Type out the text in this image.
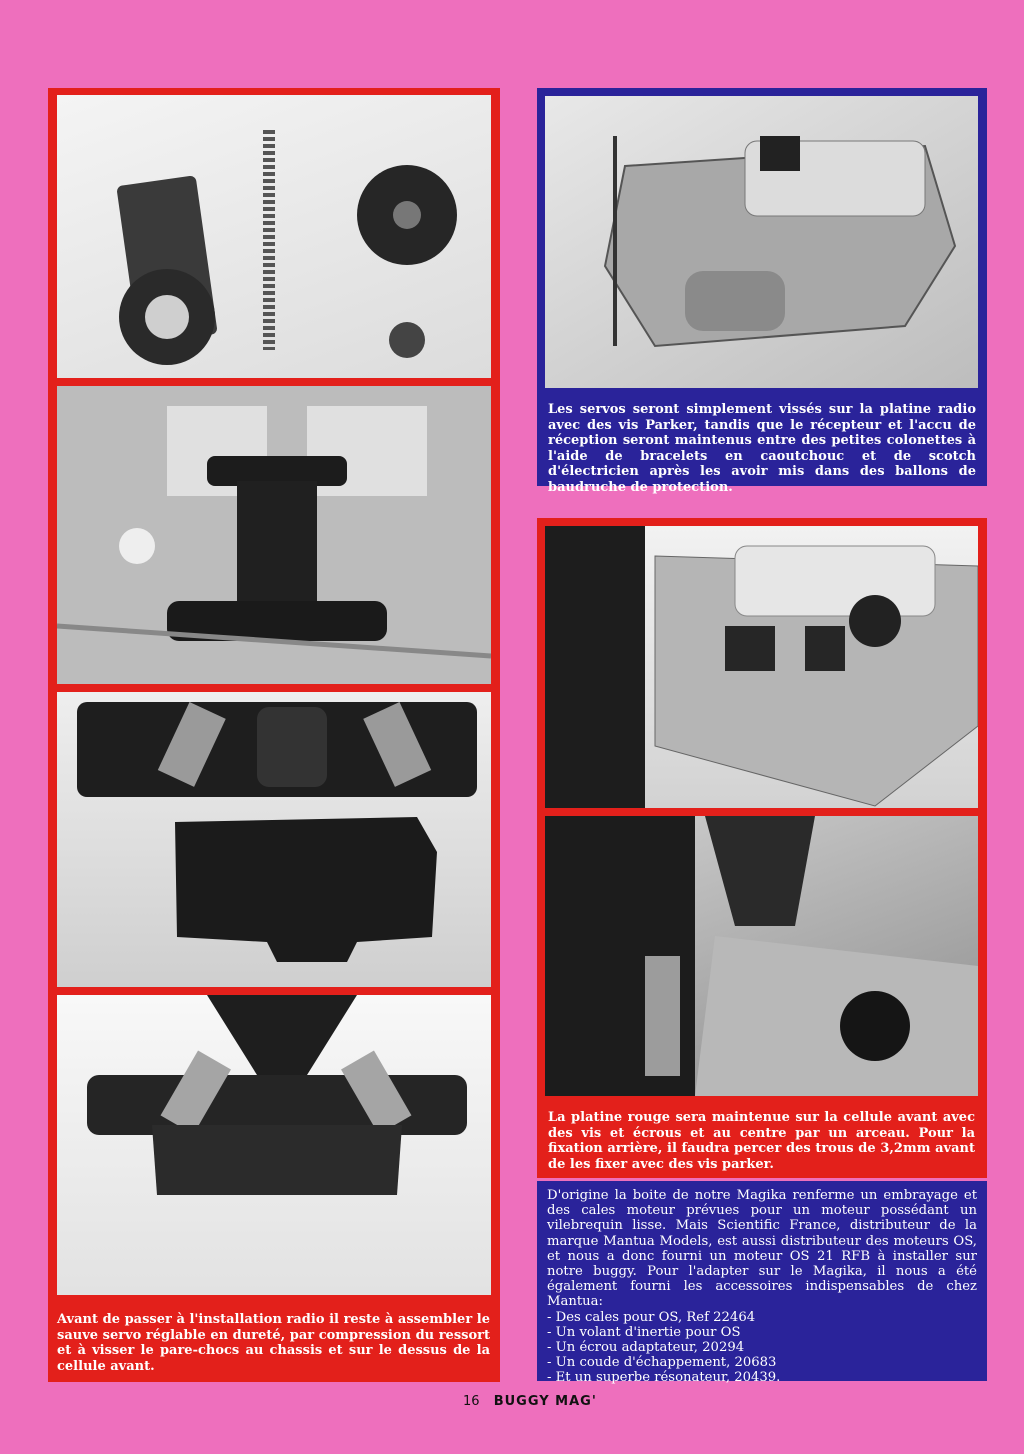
Avant de passer à l'installation radio il reste à assembler le sauve servo réglable en dureté, par compression du ressort et à visser le pare-chocs au chassis et sur le dessus de la cellule avant.
Les servos seront simplement vissés sur la platine radio avec des vis Parker, tandis que le récepteur et l'accu de réception seront maintenus entre des petites colonettes à l'aide de bracelets en caoutchouc et de scotch d'électricien après les avoir mis dans des ballons de baudruche de protection.
La platine rouge sera maintenue sur la cellule avant avec des vis et écrous et au centre par un arceau. Pour la fixation arrière, il faudra percer des trous de 3,2mm avant de les fixer avec des vis parker.

D'origine la boite de notre Magika renferme un embrayage et des cales moteur prévues pour un moteur possédant un vilebrequin lisse. Mais Scientific France, distributeur de la marque Mantua Models, est aussi distributeur des moteurs OS, et nous a donc fourni un moteur OS 21 RFB à installer sur notre buggy. Pour l'adapter sur le Magika, il nous a été également fourni les accessoires indispensables de chez Mantua:

- Des cales pour OS, Ref 22464
- Un volant d'inertie pour OS
- Un écrou adaptateur, 20294
- Un coude d'échappement, 20683
- Et un superbe résonateur, 20439.
16 BUGGY MAG'
